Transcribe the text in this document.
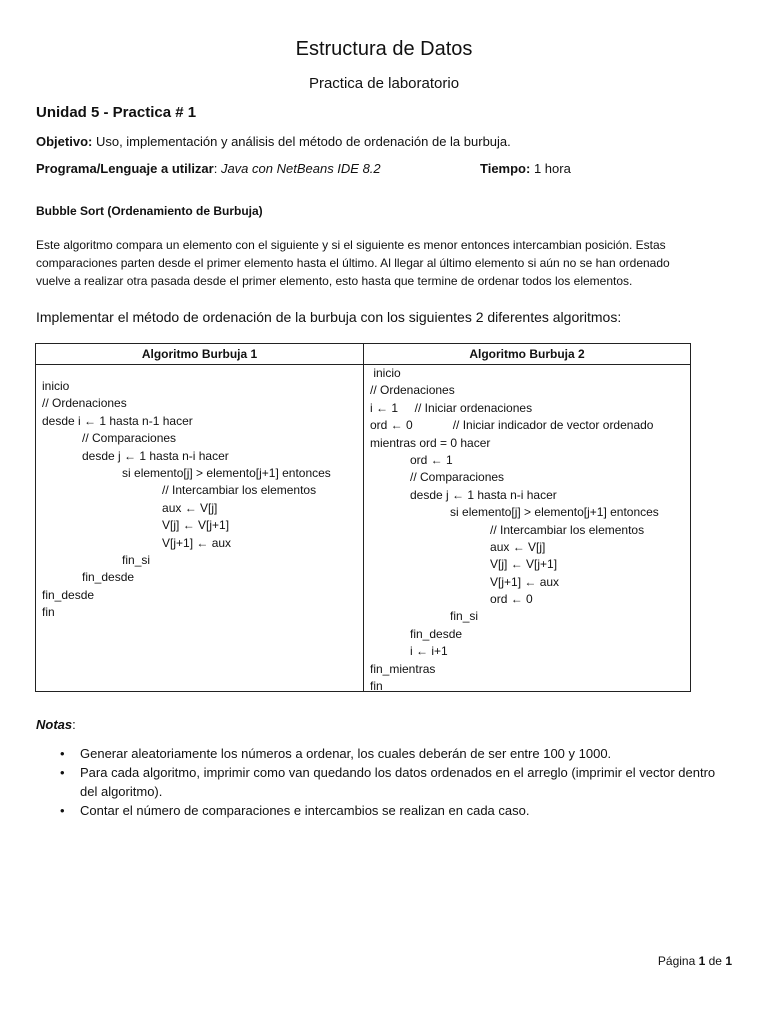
Estructura de Datos
Practica de laboratorio
Unidad 5 - Practica # 1
Objetivo: Uso, implementación y análisis del método de ordenación de la burbuja.
Programa/Lenguaje a utilizar: Java con NetBeans IDE 8.2	Tiempo: 1 hora
Bubble Sort (Ordenamiento de Burbuja)
Este algoritmo compara un elemento con el siguiente y si el siguiente es menor entonces intercambian posición. Estas
comparaciones parten desde el primer elemento hasta el último. Al llegar al último elemento si aún no se han ordenado
vuelve a realizar otra pasada desde el primer elemento, esto hasta que termine de ordenar todos los elementos.
Implementar el método de ordenación de la burbuja con los siguientes 2 diferentes algoritmos:
Algoritmo Burbuja 1
inicio
// Ordenaciones
desde i ← 1 hasta n-1 hacer
// Comparaciones
desde j ← 1 hasta n-i hacer
si elemento[j] > elemento[j+1] entonces
// Intercambiar los elementos
aux ← V[j]
V[j] ← V[j+1]
V[j+1] ← aux
fin_si
fin_desde
fin_desde
fin
Algoritmo Burbuja 2
inicio
// Ordenaciones
i ← 1     // Iniciar ordenaciones
ord ← 0            // Iniciar indicador de vector ordenado
mientras ord = 0 hacer
ord ← 1
// Comparaciones
desde j ← 1 hasta n-i hacer
si elemento[j] > elemento[j+1] entonces
// Intercambiar los elementos
aux ← V[j]
V[j] ← V[j+1]
V[j+1] ← aux
ord ← 0
fin_si
fin_desde
i ← i+1
fin_mientras
fin
Notas:
• Generar aleatoriamente los números a ordenar, los cuales deberán de ser entre 100 y 1000.
• Para cada algoritmo, imprimir como van quedando los datos ordenados en el arreglo (imprimir el vector dentro del algoritmo).
• Contar el número de comparaciones e intercambios se realizan en cada caso.
Página 1 de 1
